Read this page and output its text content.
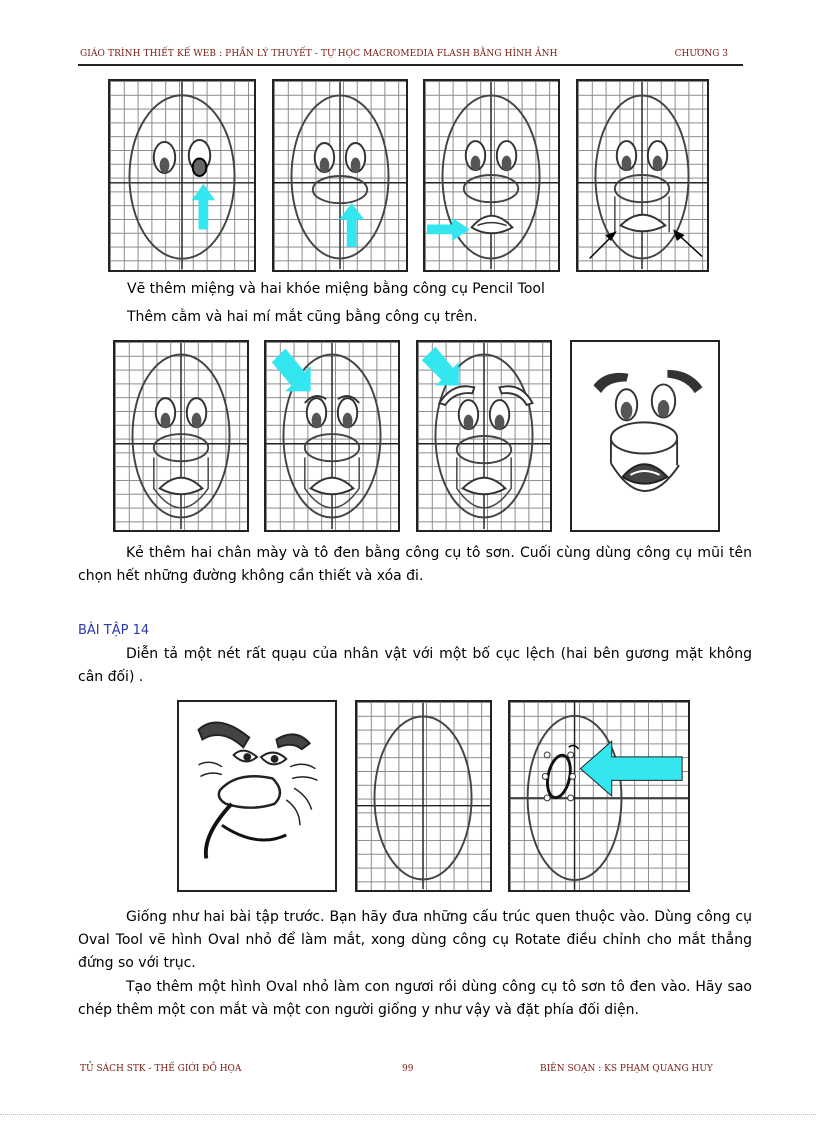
GIÁO TRÌNH THIẾT KẾ WEB : PHẦN LÝ THUYẾT - TỰ HỌC MACROMEDIA FLASH BẰNG HÌNH ẢNH	CHƯƠNG 3
Vẽ thêm miệng và hai khóe miệng bằng công cụ Pencil Tool
Thêm cằm và hai mí mắt cũng bằng công cụ trên.
Kẻ thêm hai chân mày và tô đen bằng công cụ tô sơn. Cuối cùng dùng công cụ mũi tên chọn hết những đường không cần thiết và xóa đi.
BÀI TẬP 14
Diễn tả một nét rất quạu của nhân vật với một bố cục lệch (hai bên gương mặt không cân đối) .
Giống như hai bài tập trước. Bạn hãy đưa những cấu trúc quen thuộc vào. Dùng công cụ Oval Tool vẽ hình Oval nhỏ để làm mắt, xong dùng công cụ Rotate điều chỉnh cho mắt thẳng đứng so với trục.
Tạo thêm một hình Oval nhỏ làm con ngươi rồi dùng công cụ tô sơn tô đen vào. Hãy sao chép thêm một con mắt và một con người giống y như vậy và đặt phía đối diện.
TỦ SÁCH STK - THẾ GIỚI ĐỒ HỌA	99	BIÊN SOẠN : KS PHẠM QUANG HUY
